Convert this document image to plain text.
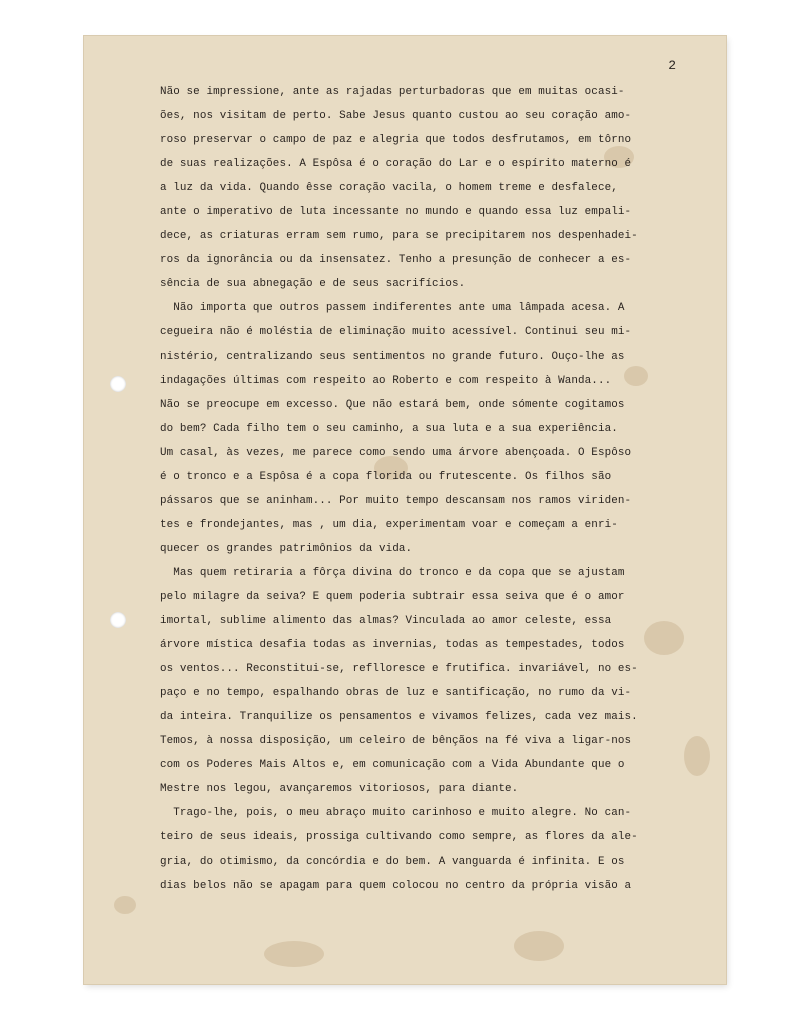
2
Não se impressione, ante as rajadas perturbadoras que em muitas ocasi-
ões, nos visitam de perto. Sabe Jesus quanto custou ao seu coração amo-
roso preservar o campo de paz e alegria que todos desfrutamos, em tôrno
de suas realizações. A Espôsa é o coração do Lar e o espírito materno é
a luz da vida. Quando êsse coração vacila, o homem treme e desfalece,
ante o imperativo de luta incessante no mundo e quando essa luz empali-
dece, as criaturas erram sem rumo, para se precipitarem nos despenhadei-
ros da ignorância ou da insensatez. Tenho a presunção de conhecer a es-
sência de sua abnegação e de seus sacrifícios.
Não importa que outros passem indiferentes ante uma lâmpada acesa. A
cegueira não é moléstia de eliminação muito acessível. Continui seu mi-
nistério, centralizando seus sentimentos no grande futuro. Ouço-lhe as
indagações últimas com respeito ao Roberto e com respeito à Wanda...
Não se preocupe em excesso. Que não estará bem, onde sómente cogitamos
do bem? Cada filho tem o seu caminho, a sua luta e a sua experiência.
Um casal, às vezes, me parece como sendo uma árvore abençoada. O Espôso
é o tronco e a Espôsa é a copa florida ou frutescente. Os filhos são
pássaros que se aninham... Por muito tempo descansam nos ramos viriden-
tes e frondejantes, mas , um dia, experimentam voar e começam a enri-
quecer os grandes patrimônios da vida.
Mas quem retiraria a fôrça divina do tronco e da copa que se ajustam
pelo milagre da seiva? E quem poderia subtrair essa seiva que é o amor
imortal, sublime alimento das almas? Vinculada ao amor celeste, essa
árvore mística desafia todas as invernias, todas as tempestades, todos
os ventos... Reconstitui-se, reflloresce e frutifica. invariável, no es-
paço e no tempo, espalhando obras de luz e santificação, no rumo da vi-
da inteira. Tranquilize os pensamentos e vivamos felizes, cada vez mais.
Temos, à nossa disposição, um celeiro de bênçãos na fé viva a ligar-nos
com os Poderes Mais Altos e, em comunicação com a Vida Abundante que o
Mestre nos legou, avançaremos vitoriosos, para diante.
Trago-lhe, pois, o meu abraço muito carinhoso e muito alegre. No can-
teiro de seus ideais, prossiga cultivando como sempre, as flores da ale-
gria, do otimismo, da concórdia e do bem. A vanguarda é infinita. E os
dias belos não se apagam para quem colocou no centro da própria visão a
